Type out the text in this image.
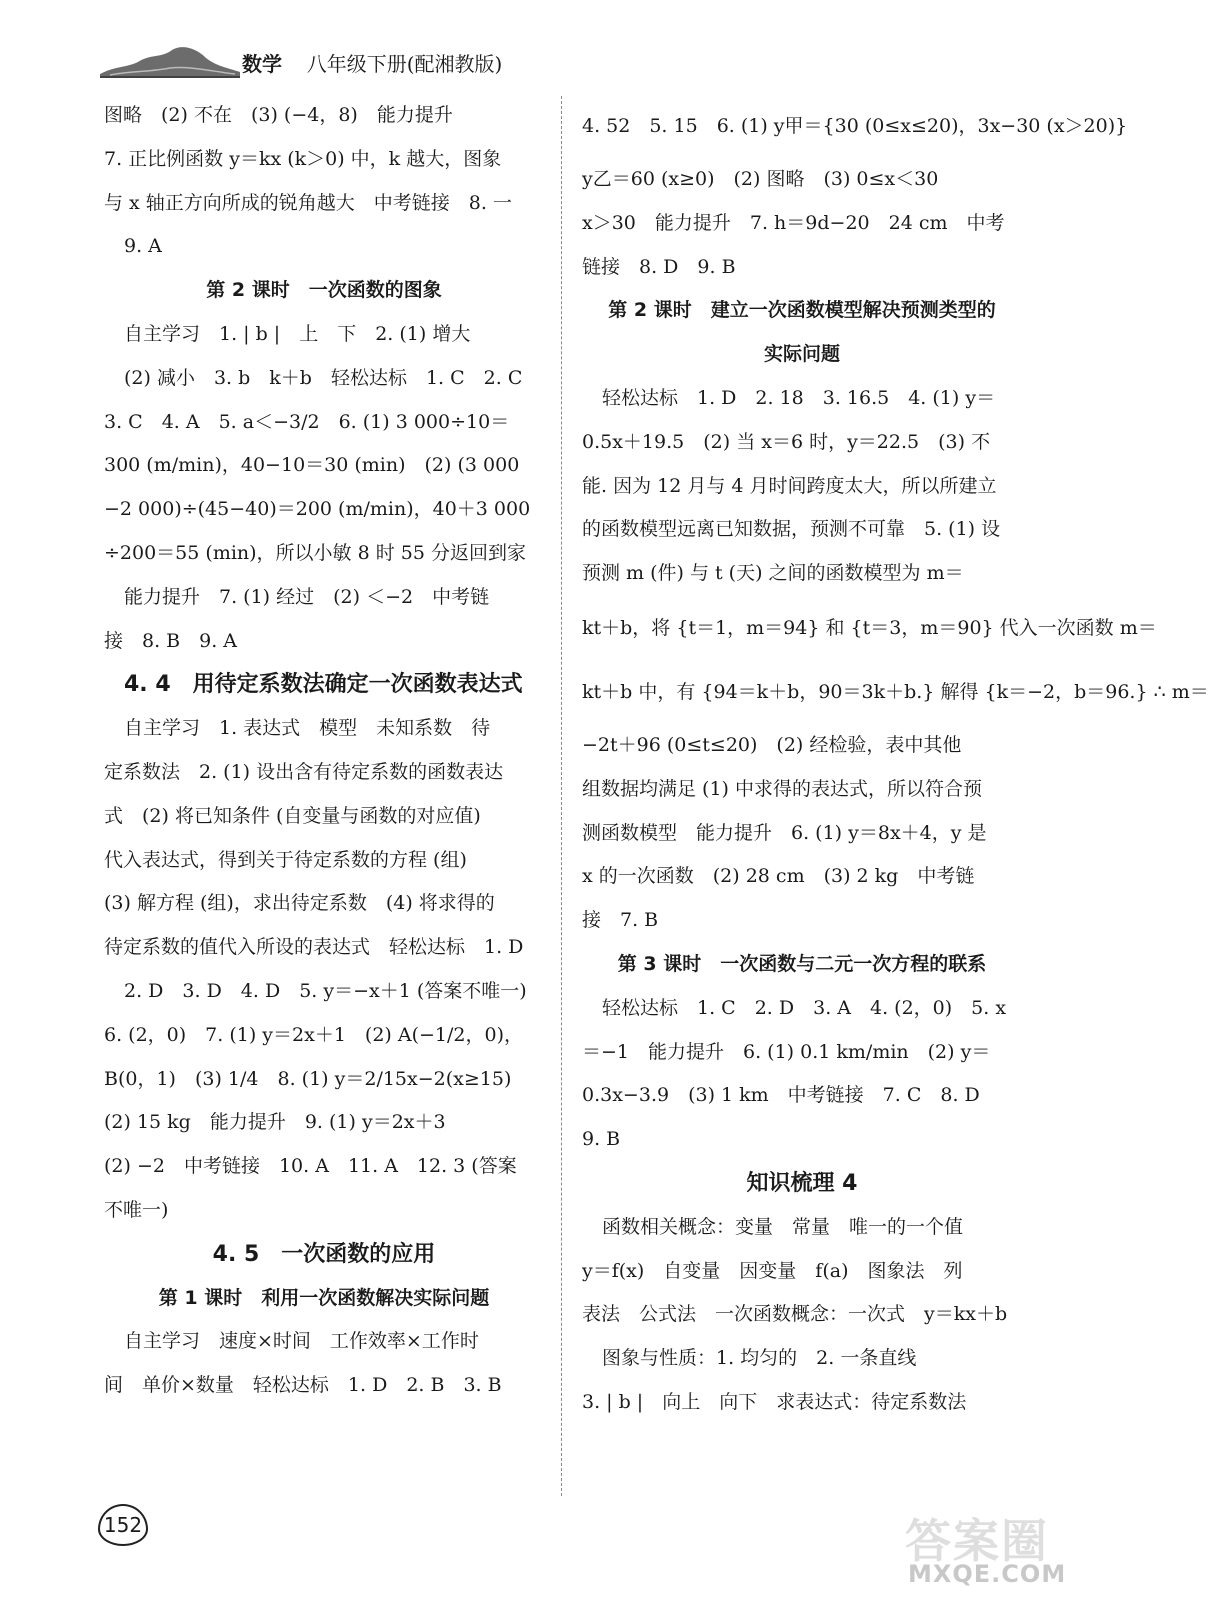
数学 八年级下册(配湘教版)
图略　(2) 不在　(3) (−4，8)　能力提升
7. 正比例函数 y＝kx (k＞0) 中，k 越大，图象
与 x 轴正方向所成的锐角越大　中考链接　8. 一
9. A
第 2 课时　一次函数的图象
自主学习　1. | b |　上　下　2. (1) 增大
(2) 减小　3. b　k＋b　轻松达标　1. C　2. C
3. C　4. A　5. a＜−3/2　6. (1) 3 000÷10＝
300 (m/min)，40−10＝30 (min)　(2) (3 000
−2 000)÷(45−40)＝200 (m/min)，40＋3 000
÷200＝55 (min)，所以小敏 8 时 55 分返回到家
能力提升　7. (1) 经过　(2) ＜−2　中考链
接　8. B　9. A
4. 4　用待定系数法确定一次函数表达式
自主学习　1. 表达式　模型　未知系数　待
定系数法　2. (1) 设出含有待定系数的函数表达
式　(2) 将已知条件 (自变量与函数的对应值)
代入表达式，得到关于待定系数的方程 (组)
(3) 解方程 (组)，求出待定系数　(4) 将求得的
待定系数的值代入所设的表达式　轻松达标　1. D
2. D　3. D　4. D　5. y＝−x＋1 (答案不唯一)
6. (2，0)　7. (1) y＝2x＋1　(2) A(−1/2，0)，
B(0，1)　(3) 1/4　8. (1) y＝2/15x−2(x≥15)
(2) 15 kg　能力提升　9. (1) y＝2x＋3
(2) −2　中考链接　10. A　11. A　12. 3 (答案
不唯一)
4. 5　一次函数的应用
第 1 课时　利用一次函数解决实际问题
自主学习　速度×时间　工作效率×工作时
间　单价×数量　轻松达标　1. D　2. B　3. B
4. 52　5. 15　6. (1) y甲＝{30 (0≤x≤20)，3x−30 (x＞20)}
y乙＝60 (x≥0)　(2) 图略　(3) 0≤x＜30
x＞30　能力提升　7. h＝9d−20　24 cm　中考
链接　8. D　9. B
第 2 课时　建立一次函数模型解决预测类型的
实际问题
轻松达标　1. D　2. 18　3. 16.5　4. (1) y＝
0.5x＋19.5　(2) 当 x＝6 时，y＝22.5　(3) 不
能. 因为 12 月与 4 月时间跨度太大，所以所建立
的函数模型远离已知数据，预测不可靠　5. (1) 设
预测 m (件) 与 t (天) 之间的函数模型为 m＝
kt＋b，将 {t＝1，m＝94} 和 {t＝3，m＝90} 代入一次函数 m＝
kt＋b 中，有 {94＝k＋b，90＝3k＋b.} 解得 {k＝−2，b＝96.} ∴ m＝
−2t＋96 (0≤t≤20)　(2) 经检验，表中其他
组数据均满足 (1) 中求得的表达式，所以符合预
测函数模型　能力提升　6. (1) y＝8x＋4，y 是
x 的一次函数　(2) 28 cm　(3) 2 kg　中考链
接　7. B
第 3 课时　一次函数与二元一次方程的联系
轻松达标　1. C　2. D　3. A　4. (2，0)　5. x
＝−1　能力提升　6. (1) 0.1 km/min　(2) y＝
0.3x−3.9　(3) 1 km　中考链接　7. C　8. D
9. B
知识梳理 4
函数相关概念：变量　常量　唯一的一个值
y＝f(x)　自变量　因变量　f(a)　图象法　列
表法　公式法　一次函数概念：一次式　y＝kx＋b
图象与性质：1. 均匀的　2. 一条直线
3. | b |　向上　向下　求表达式：待定系数法
152	答案圈
MXQE.COM
